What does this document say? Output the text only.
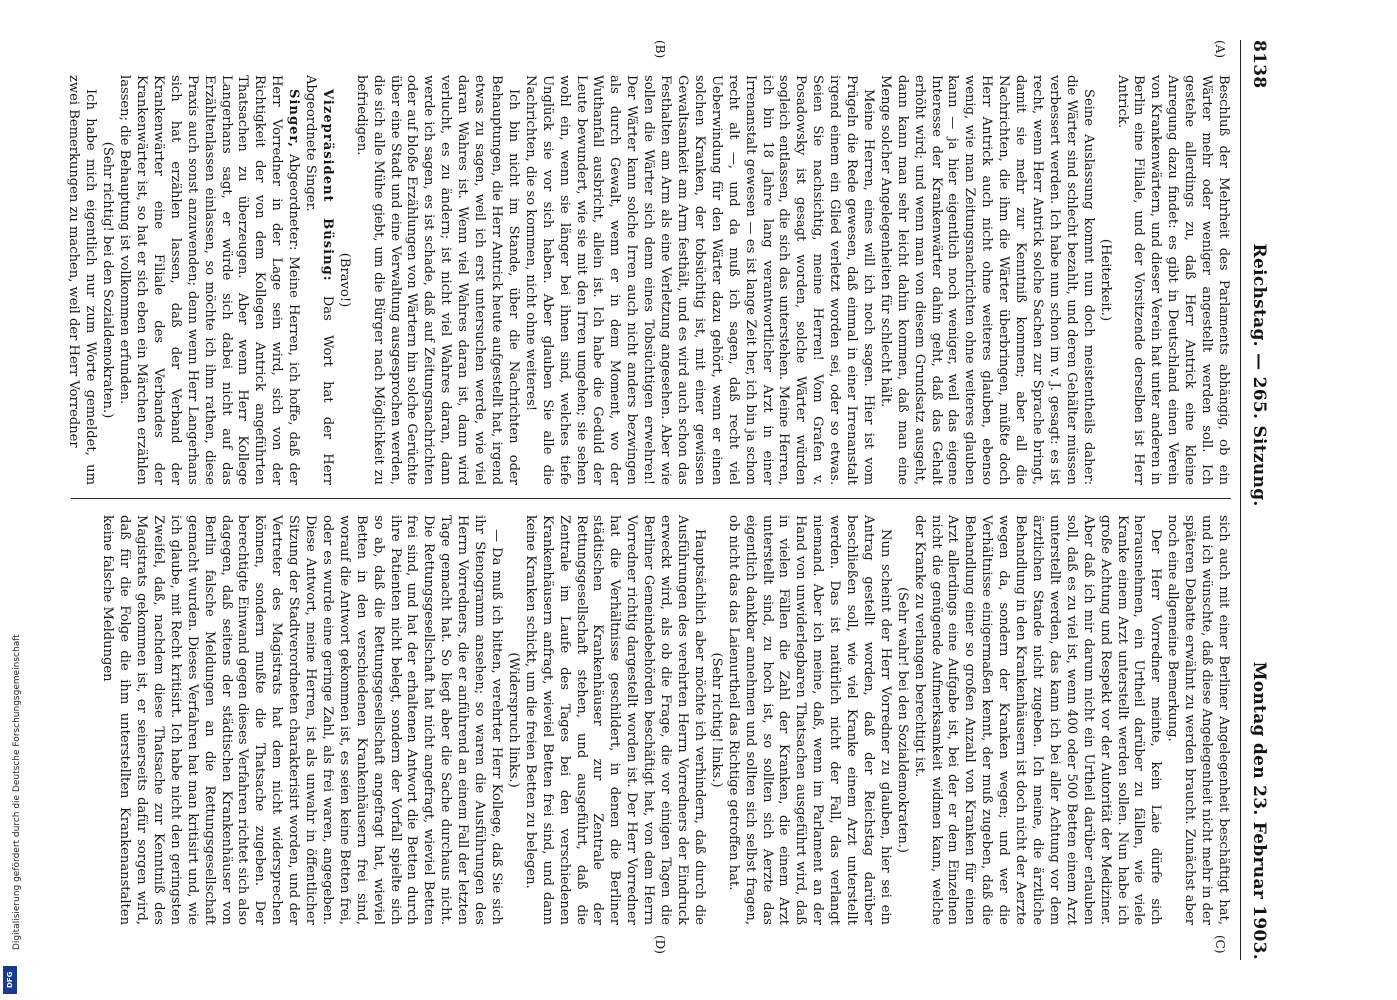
8138
Reichstag. — 265. Sitzung.
Montag den 23. Februar 1903.
(A)
(B)
(C)
(D)

Beschluß der Mehrheit des Parlaments abhängig, ob ein Wärter mehr oder weniger angestellt werden soll. Ich gestehe allerdings zu, daß Herr Antrick eine kleine Anregung dazu findet: es gibt in Deutschland einen Verein von Krankenwärtern, und dieser Verein hat unter anderen in Berlin eine Filiale, und der Vorsitzende derselben ist Herr Antrick.

(Heiterkeit.)

Seine Auslassung kommt nun doch meistentheils daher: die Wärter sind schlecht bezahlt, und deren Gehälter müssen verbessert werden. Ich habe nun schon im v. J. gesagt: es ist recht, wenn Herr Antrick solche Sachen zur Sprache bringt, damit sie mehr zur Kenntniß kommen; aber all die Nachrichten, die ihm die Wärter überbringen, müßte doch Herr Antrick auch nicht ohne weiteres glauben, ebenso wenig, wie man Zeitungsnachrichten ohne weiteres glauben kann — ja hier eigentlich noch weniger, weil das eigene Interesse der Krankenwärter dahin geht, daß das Gehalt erhöht wird; und wenn man von diesem Grundsatz ausgeht, dann kann man sehr leicht dahin kommen, daß man eine Menge solcher Angelegenheiten für schlecht hält.

Meine Herren, eines will ich noch sagen. Hier ist vom Prügeln die Rede gewesen, daß einmal in einer Irrenanstalt irgend einem ein Glied verletzt worden sei, oder so etwas. Seien Sie nachsichtig, meine Herren! Vom Grafen v. Posadowsky ist gesagt worden, solche Wärter würden sogleich entlassen, die sich das unterstehen. Meine Herren, ich bin 18 Jahre lang verantwortlicher Arzt in einer Irrenanstalt gewesen — es ist lange Zeit her, ich bin ja schon recht alt —, und da muß ich sagen, daß recht viel Ueberwindung für den Wärter dazu gehört, wenn er einen solchen Kranken, der tobsüchtig ist, mit einer gewissen Gewaltsamkeit am Arm festhält, und es wird auch schon das Festhalten am Arm als eine Verletzung angesehen. Aber wie sollen die Wärter sich denn eines Tobsüchtigen erwehren! Der Wärter kann solche Irren auch nicht anders bezwingen als durch Gewalt, wenn er in dem Moment, wo der Wuthanfall ausbricht, allein ist. Ich habe die Geduld der Leute bewundert, wie sie mit den Irren umgehen; sie sehen wohl ein, wenn sie länger bei ihnen sind, welches tiefe Unglück sie vor sich haben. Aber glauben Sie alle die Nachrichten, die so kommen, nicht ohne weiteres!

Ich bin nicht im Stande, über die Nachrichten oder Behauptungen, die Herr Antrick heute aufgestellt hat, irgend etwas zu sagen, weil ich erst untersuchen werde, wie viel daran Wahres ist. Wenn viel Wahres daran ist, dann wird verlucht, es zu ändern; ist nicht viel Wahres daran, dann werde ich sagen, es ist schade, daß auf Zeitungsnachrichten oder auf bloße Erzählungen von Wärtern hin solche Gerüchte über eine Stadt und eine Verwaltung ausgesprochen werden, die sich alle Mühe giebt, um die Bürger nach Möglichkeit zu befriedigen.

(Bravo!)

Vizepräsident Büsing: Das Wort hat der Herr Abgeordnete Singer.

Singer, Abgeordneter: Meine Herren, ich hoffe, daß der Herr Vorredner in der Lage sein wird, sich von der Richtigkeit der von dem Kollegen Antrick angeführten Thatsachen zu überzeugen. Aber wenn Herr Kollege Langerhans sagt, er würde sich dabei nicht auf das Erzähltenlassen einlassen, so möchte ich ihm rathen, diese Praxis auch sonst anzuwenden; denn wenn Herr Langerhans sich hat erzählen lassen, daß der Verband der Krankenwärter eine Filiale des Verbandes der Krankenwärter ist, so hat er sich eben ein Märchen erzählen lassen; die Behauptung ist vollkommen erfunden.

(Sehr richtig! bei den Sozialdemokraten.)

Ich habe mich eigentlich nur zum Worte gemeldet, um zwei Bemerkungen zu machen, weil der Herr Vorredner

sich auch mit einer Berliner Angelegenheit beschäftigt hat, und ich wünschte, daß diese Angelegenheit nicht mehr in der späteren Debatte erwähnt zu werden braucht. Zunächst aber noch eine allgemeine Bemerkung.

Der Herr Vorredner meinte, kein Laie dürfe sich herausnehmen, ein Urtheil darüber zu fällen, wie viele Kranke einem Arzt unterstellt werden sollen. Nun habe ich große Achtung und Respekt vor der Autorität der Mediziner. Aber daß ich mir darum nicht ein Urtheil darüber erlauben soll, daß es zu viel ist, wenn 400 oder 500 Betten einem Arzt unterstellt werden, das kann ich bei aller Achtung vor dem ärztlichen Stande nicht zugeben. Ich meine, die ärztliche Behandlung in den Krankenhäusern ist doch nicht der Aerzte wegen da, sondern der Kranken wegen; und wer die Verhältnisse einigermaßen kennt, der muß zugeben, daß die Behandlung einer so großen Anzahl von Kranken für einen Arzt allerdings eine Aufgabe ist, bei der er dem Einzelnen nicht die genügende Aufmerksamkeit widmen kann, welche der Kranke zu verlangen berechtigt ist.

(Sehr wahr! bei den Sozialdemokraten.)

Nun scheint der Herr Vorredner zu glauben, hier sei ein Antrag gestellt worden, daß der Reichstag darüber beschließen soll, wie viel Kranke einem Arzt unterstellt werden. Das ist natürlich nicht der Fall, das verlangt niemand. Aber ich meine, daß, wenn im Parlament an der Hand von unwiderlegbaren Thatsachen ausgeführt wird, daß in vielen Fällen die Zahl der Kranken, die einem Arzt unterstellt sind, zu hoch ist, so sollten sich Aerzte das eigentlich dankbar annehmen und sollten sich selbst fragen, ob nicht das das Laienurtheil das Richtige getroffen hat.

(Sehr richtig! links.)

Hauptsächlich aber möchte ich verhindern, daß durch die Ausführungen des verehrten Herrn Vorredners der Eindruck erweckt wird, als ob die Frage, die vor einigen Tagen die Berliner Gemeindebehörden beschäftigt hat, von dem Herrn Vorredner richtig dargestellt worden ist. Der Herr Vorredner hat die Verhältnisse geschildert, in denen die Berliner städtischen Krankenhäuser zur Zentrale der Rettungsgesellschaft stehen, und ausgeführt, daß die Zentrale im Laufe des Tages bei den verschiedenen Krankenhäusern anfragt, wieviel Betten frei sind, und dann keine Kranken schickt, um die freien Betten zu belegen.

(Widerspruch links.)

— Da muß ich bitten, verehrter Herr Kollege, daß Sie sich ihr Stenogramm ansehen; so waren die Ausführungen des Herrn Vorredners, die er anführend an einem Fall der letzten Tage gemacht hat. So liegt aber die Sache durchaus nicht. Die Rettungsgesellschaft hat nicht angefragt, wieviel Betten frei sind, und hat der erhaltenen Antwort die Betten durch ihre Patienten nicht belegt, sondern der Vorfall spielte sich so ab, daß die Rettungsgesellschaft angefragt hat, wieviel Betten in den verschiedenen Krankenhäusern frei sind, worauf die Antwort gekommen ist, es seien keine Betten frei, oder es wurde eine geringe Zahl, als frei waren, angegeben. Diese Antwort, meine Herren, ist als unwahr in öffentlicher Sitzung der Stadtverordneten charakterisirt worden, und der Vertreter des Magistrats hat dem nicht widersprechen können, sondern mußte die Thatsache zugeben. Der berechtigte Einwand gegen dieses Verfahren richtet sich also dagegen, daß seitens der städtischen Krankenhäuser von Berlin falsche Meldungen an die Rettungsgesellschaft gemacht wurden. Dieses Verfahren hat man kritisirt und, wie ich glaube, mit Recht kritisirt. Ich habe nicht den geringsten Zweifel, daß, nachdem diese Thatsache zur Kenntniß des Magistrats gekommen ist, er seinerseits dafür sorgen wird, daß für die Folge die ihm unterstellten Krankenanstalten keine falsche Meldungen

Digitalisierung gefördert durch die Deutsche Forschungsgemeinschaft
DFG
